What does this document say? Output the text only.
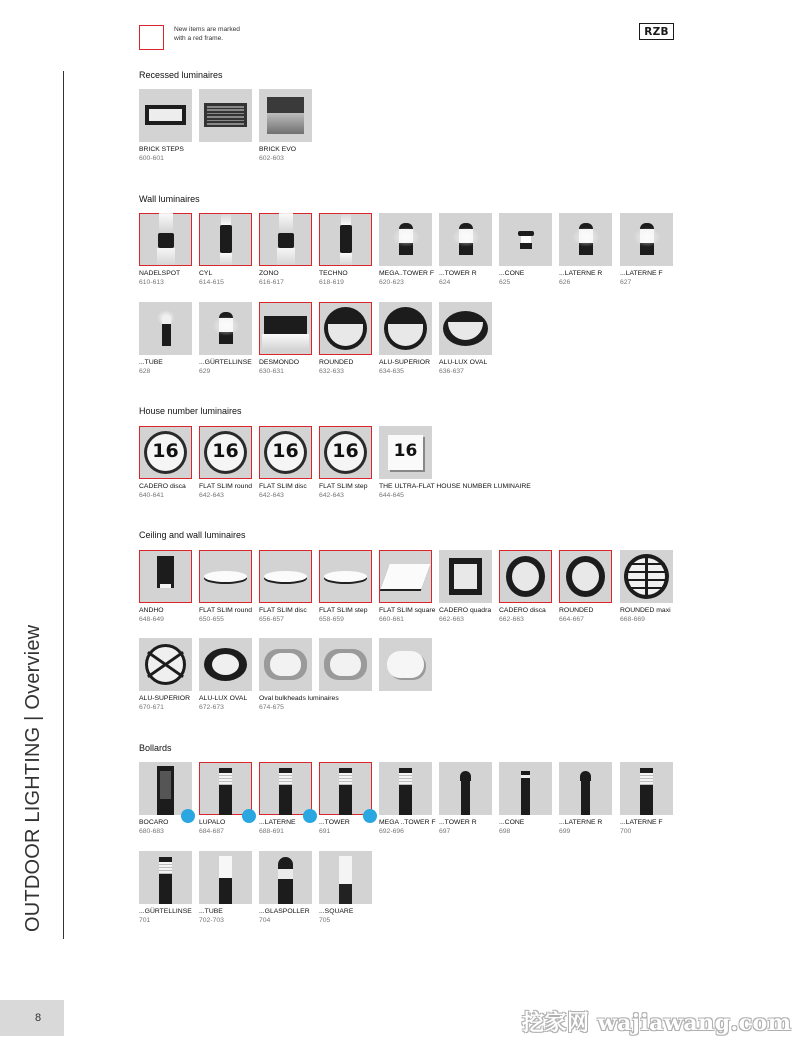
New items are marked with a red frame.
RZB
OUTDOOR LIGHTING | Overview
8	挖家网 wajiawang.com
Recessed luminaires
BRICK STEPS
600-601
BRICK EVO
602-603
Wall luminaires
NADELSPOT
610-613
CYL
614-615
ZONO
616-617
TECHNO
618-619
MEGA..TOWER F
620-623
...TOWER R
624
...CONE
625
...LATERNE R
626
...LATERNE F
627
...TUBE
628
...GÜRTELLINSE
629
DESMONDO
630-631
ROUNDED
632-633
ALU-SUPERIOR
634-635
ALU-LUX OVAL
636-637
House number luminaires
16
CADERO disca
640-641
16
FLAT SLIM round
642-643
16
FLAT SLIM disc
642-643
16
FLAT SLIM step
642-643
16
THE ULTRA-FLAT HOUSE NUMBER LUMINAIRE
644-645
Ceiling and wall luminaires
ANDHO
648-649
FLAT SLIM round
650-655
FLAT SLIM disc
656-657
FLAT SLIM step
658-659
FLAT SLIM square
660-661
CADERO quadra
662-663
CADERO disca
662-663
ROUNDED
664-667
ROUNDED maxi
668-669
ALU-SUPERIOR
670-671
ALU-LUX OVAL
672-673
Oval bulkheads luminaires
674-675
Bollards
BOCARO
680-683
LUPALO
684-687
...LATERNE
688-691
...TOWER
691
MEGA ..TOWER F
692-696
...TOWER R
697
...CONE
698
...LATERNE R
699
...LATERNE F
700
...GÜRTELLINSE
701
...TUBE
702-703
...GLASPOLLER
704
...SQUARE
705
